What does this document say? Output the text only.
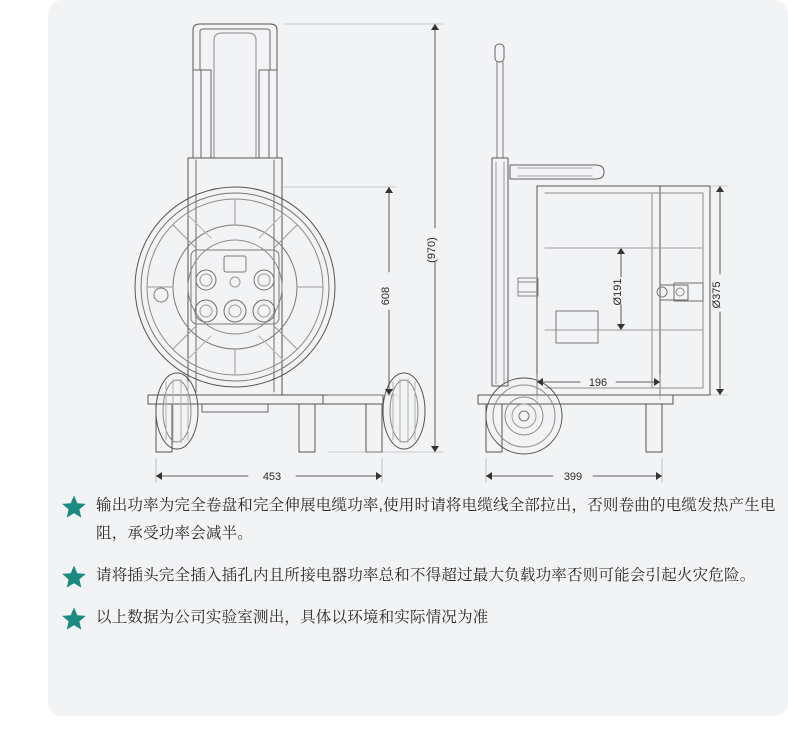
(970)
608
453
196
399
Ø191	Ø375
输出功率为完全卷盘和完全伸展电缆功率,使用时请将电缆线全部拉出，否则卷曲的电缆发热产生电阻，承受功率会减半。
请将插头完全插入插孔内且所接电器功率总和不得超过最大负载功率否则可能会引起火灾危险。
以上数据为公司实验室测出，具体以环境和实际情况为准
